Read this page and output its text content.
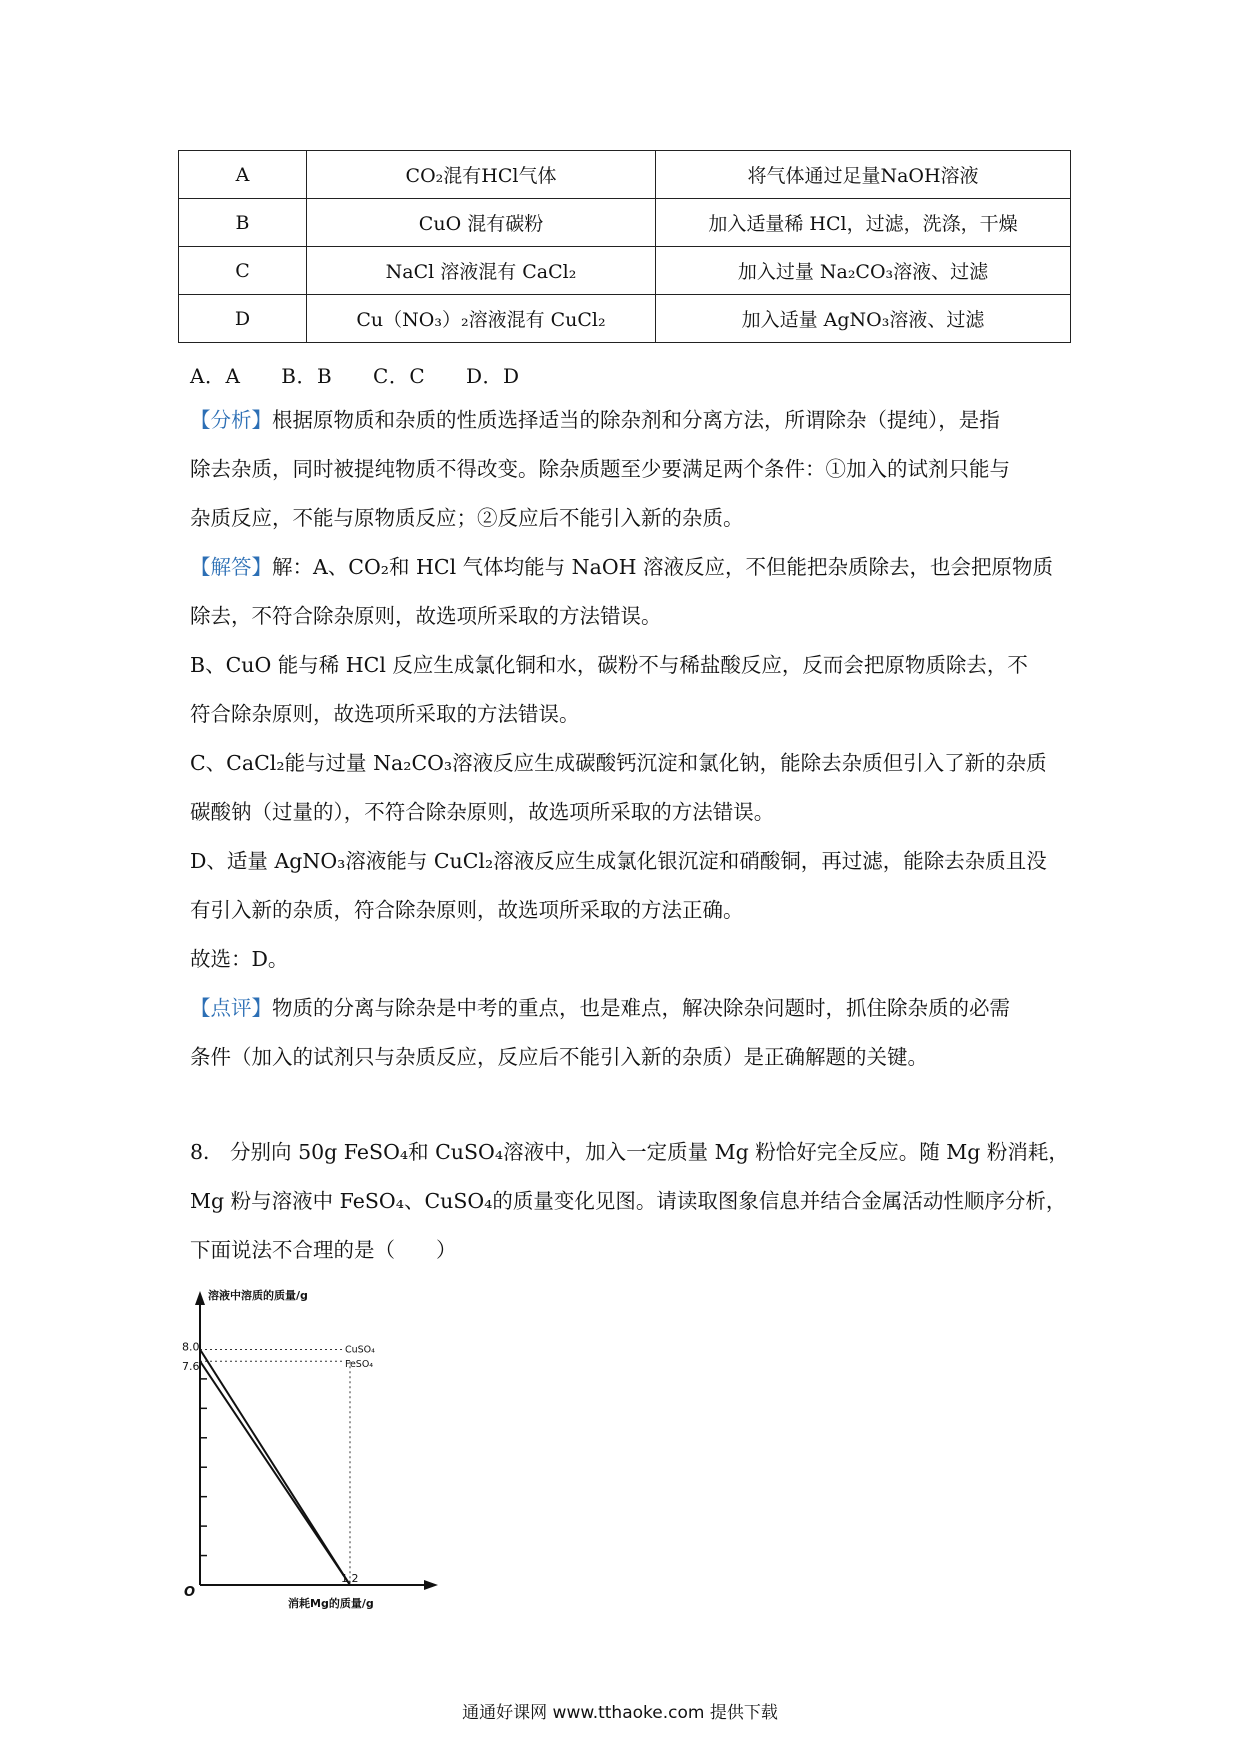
A	CO₂混有HCl气体	将气体通过足量NaOH溶液
B	CuO 混有碳粉	加入适量稀 HCl，过滤，洗涤，干燥
C	NaCl 溶液混有 CaCl₂	加入过量 Na₂CO₃溶液、过滤
D	Cu（NO₃）₂溶液混有 CuCl₂	加入适量 AgNO₃溶液、过滤
A．A B．B C．C D．D

【分析】根据原物质和杂质的性质选择适当的除杂剂和分离方法，所谓除杂（提纯），是指

除去杂质，同时被提纯物质不得改变。除杂质题至少要满足两个条件：①加入的试剂只能与

杂质反应，不能与原物质反应；②反应后不能引入新的杂质。

【解答】解：A、CO₂和 HCl 气体均能与 NaOH 溶液反应，不但能把杂质除去，也会把原物质

除去，不符合除杂原则，故选项所采取的方法错误。

B、CuO 能与稀 HCl 反应生成氯化铜和水，碳粉不与稀盐酸反应，反而会把原物质除去，不

符合除杂原则，故选项所采取的方法错误。

C、CaCl₂能与过量 Na₂CO₃溶液反应生成碳酸钙沉淀和氯化钠，能除去杂质但引入了新的杂质

碳酸钠（过量的），不符合除杂原则，故选项所采取的方法错误。

D、适量 AgNO₃溶液能与 CuCl₂溶液反应生成氯化银沉淀和硝酸铜，再过滤，能除去杂质且没

有引入新的杂质，符合除杂原则，故选项所采取的方法正确。

故选：D。

【点评】物质的分离与除杂是中考的重点，也是难点，解决除杂问题时，抓住除杂质的必需

条件（加入的试剂只与杂质反应，反应后不能引入新的杂质）是正确解题的关键。

8． 分别向 50g FeSO₄和 CuSO₄溶液中，加入一定质量 Mg 粉恰好完全反应。随 Mg 粉消耗，

Mg 粉与溶液中 FeSO₄、CuSO₄的质量变化见图。请读取图象信息并结合金属活动性顺序分析，

下面说法不合理的是（　　）

溶液中溶质的质量/g
消耗Mg的质量/g
O
8.0
7.6
1.2
CuSO₄
FeSO₄
通通好课网 www.tthaoke.com 提供下载
